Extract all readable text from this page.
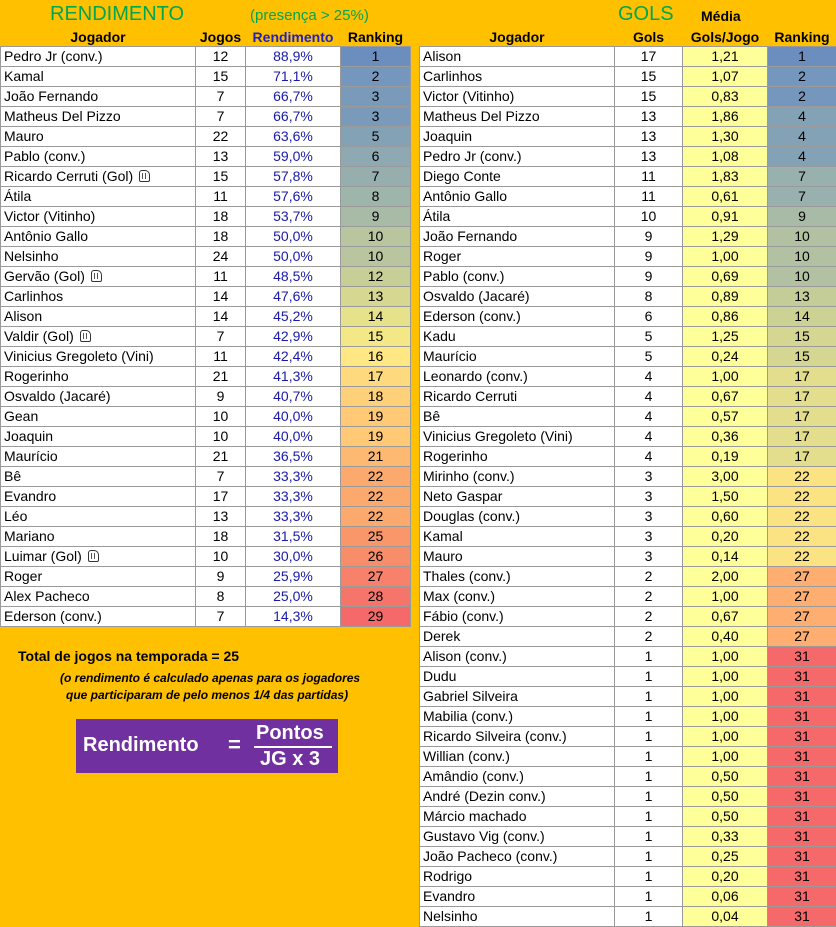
RENDIMENTO	(presença > 25%)
Jogador	Jogos	Rendimento	Ranking
Pedro Jr (conv.)	12	88,9%	1
Kamal	15	71,1%	2
João Fernando	7	66,7%	3
Matheus Del Pizzo	7	66,7%	3
Mauro	22	63,6%	5
Pablo (conv.)	13	59,0%	6
Ricardo Cerruti (Gol)	15	57,8%	7
Átila	11	57,6%	8
Victor (Vitinho)	18	53,7%	9
Antônio Gallo	18	50,0%	10
Nelsinho	24	50,0%	10
Gervão (Gol)	11	48,5%	12
Carlinhos	14	47,6%	13
Alison	14	45,2%	14
Valdir (Gol)	7	42,9%	15
Vinicius Gregoleto (Vini)	11	42,4%	16
Rogerinho	21	41,3%	17
Osvaldo (Jacaré)	9	40,7%	18
Gean	10	40,0%	19
Joaquin	10	40,0%	19
Maurício	21	36,5%	21
Bê	7	33,3%	22
Evandro	17	33,3%	22
Léo	13	33,3%	22
Mariano	18	31,5%	25
Luimar (Gol)	10	30,0%	26
Roger	9	25,9%	27
Alex Pacheco	8	25,0%	28
Ederson (conv.)	7	14,3%	29
Total de jogos na temporada = 25
(o rendimento é calculado apenas para os jogadores
que participaram de pelo menos 1/4 das partidas)
Rendimento = Pontos
JG x 3
GOLS Média
Jogador	Gols	Gols/Jogo	Ranking
Alison	17	1,21	1
Carlinhos	15	1,07	2
Victor (Vitinho)	15	0,83	2
Matheus Del Pizzo	13	1,86	4
Joaquin	13	1,30	4
Pedro Jr (conv.)	13	1,08	4
Diego Conte	11	1,83	7
Antônio Gallo	11	0,61	7
Átila	10	0,91	9
João Fernando	9	1,29	10
Roger	9	1,00	10
Pablo (conv.)	9	0,69	10
Osvaldo (Jacaré)	8	0,89	13
Ederson (conv.)	6	0,86	14
Kadu	5	1,25	15
Maurício	5	0,24	15
Leonardo (conv.)	4	1,00	17
Ricardo Cerruti	4	0,67	17
Bê	4	0,57	17
Vinicius Gregoleto (Vini)	4	0,36	17
Rogerinho	4	0,19	17
Mirinho (conv.)	3	3,00	22
Neto Gaspar	3	1,50	22
Douglas (conv.)	3	0,60	22
Kamal	3	0,20	22
Mauro	3	0,14	22
Thales (conv.)	2	2,00	27
Max (conv.)	2	1,00	27
Fábio (conv.)	2	0,67	27
Derek	2	0,40	27
Alison (conv.)	1	1,00	31
Dudu	1	1,00	31
Gabriel Silveira	1	1,00	31
Mabilia (conv.)	1	1,00	31
Ricardo Silveira (conv.)	1	1,00	31
Willian (conv.)	1	1,00	31
Amândio (conv.)	1	0,50	31
André (Dezin conv.)	1	0,50	31
Márcio machado	1	0,50	31
Gustavo Vig (conv.)	1	0,33	31
João Pacheco (conv.)	1	0,25	31
Rodrigo	1	0,20	31
Evandro	1	0,06	31
Nelsinho	1	0,04	31
